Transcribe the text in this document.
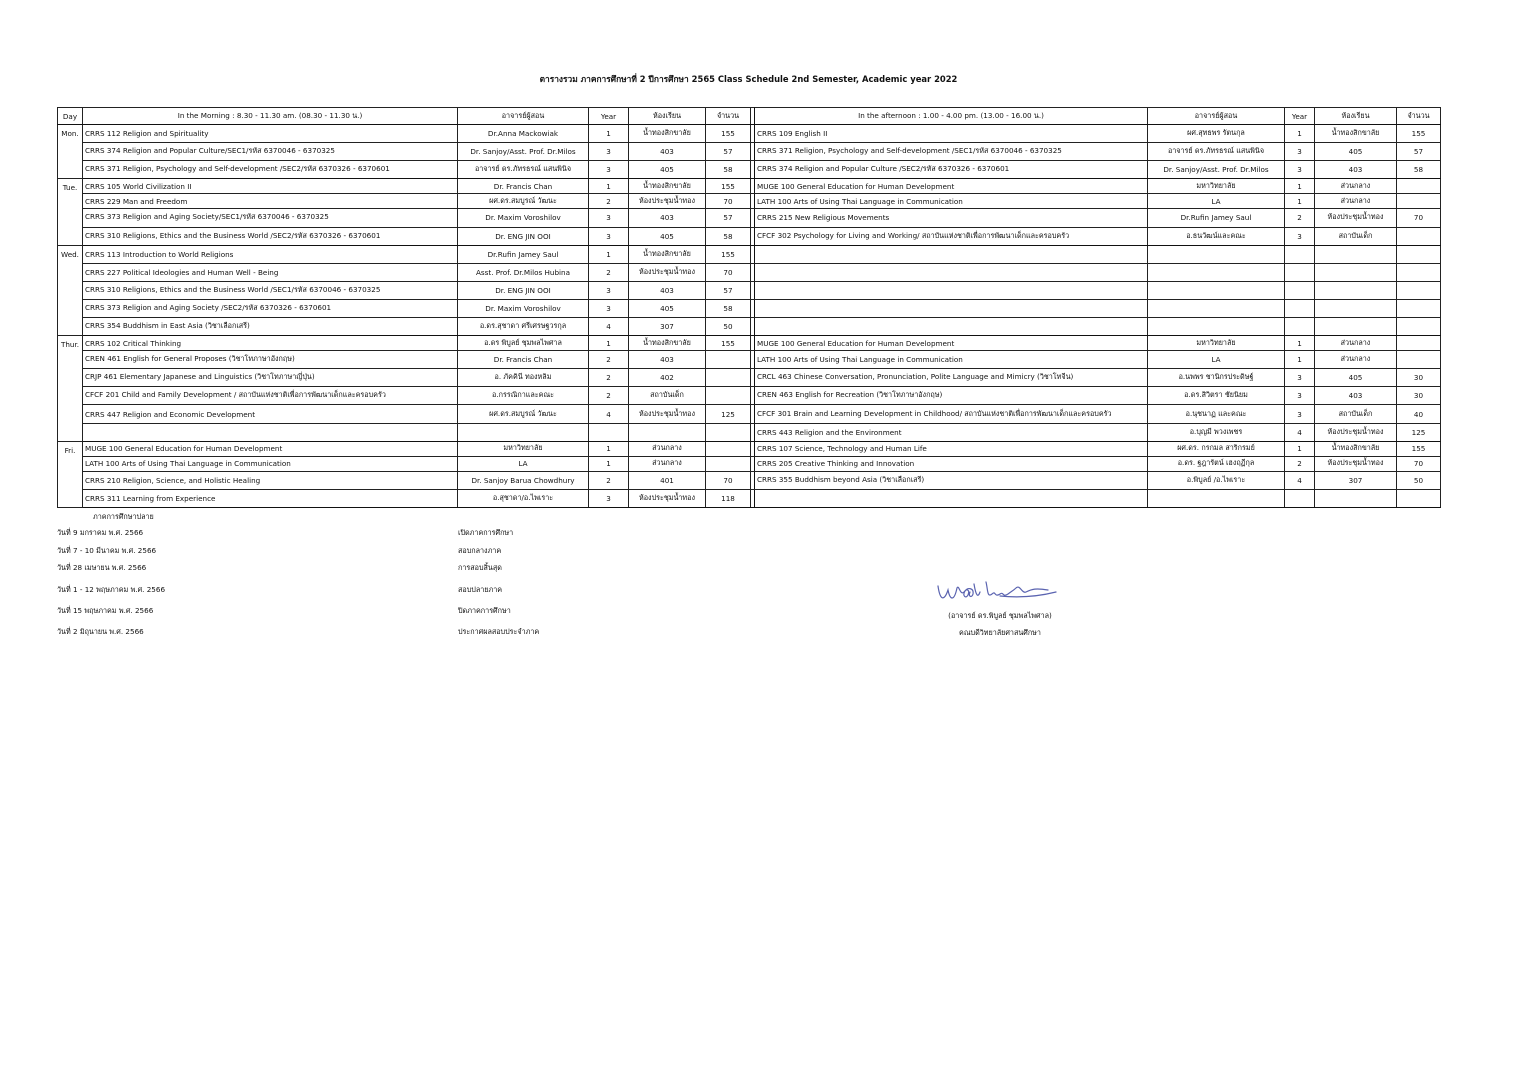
ตารางรวม ภาคการศึกษาที่ 2 ปีการศึกษา 2565 Class Schedule 2nd Semester, Academic year 2022
Day	In the Morning : 8.30 - 11.30 am. (08.30 - 11.30 น.)	อาจารย์ผู้สอน	Year	ห้องเรียน	จำนวน		In the afternoon : 1.00 - 4.00 pm. (13.00 - 16.00 น.)	อาจารย์ผู้สอน	Year	ห้องเรียน	จำนวน
Mon.	CRRS 112 Religion and Spirituality	Dr.Anna Mackowiak	1	น้ำทองสิกขาลัย	155		CRRS 109 English II	ผศ.สุทธพร รัตนกุล	1	น้ำทองสิกขาลัย	155
	CRRS 374 Religion and Popular Culture/SEC1/รหัส 6370046 - 6370325	Dr. Sanjoy/Asst. Prof. Dr.Milos	3	403	57		CRRS 371 Religion, Psychology and Self-development /SEC1/รหัส 6370046 - 6370325	อาจารย์ ดร.ภัทรธรณ์ แสนพินิจ	3	405	57
	CRRS 371 Religion, Psychology and Self-development /SEC2/รหัส 6370326 - 6370601	อาจารย์ ดร.ภัทรธรณ์ แสนพินิจ	3	405	58		CRRS 374 Religion and Popular Culture /SEC2/รหัส 6370326 - 6370601	Dr. Sanjoy/Asst. Prof. Dr.Milos	3	403	58
Tue.	CRRS 105 World Civilization II	Dr. Francis Chan	1	น้ำทองสิกขาลัย	155		MUGE 100 General Education for Human Development	มหาวิทยาลัย	1	ส่วนกลาง	
	CRRS 229 Man and Freedom	ผศ.ดร.สมบูรณ์ วัฒนะ	2	ห้องประชุมน้ำทอง	70		LATH 100 Arts of Using Thai Language in Communication	LA	1	ส่วนกลาง	
	CRRS 373 Religion and Aging Society/SEC1/รหัส 6370046 - 6370325	Dr. Maxim Voroshilov	3	403	57		CRRS 215 New Religious Movements	Dr.Rufin Jamey Saul	2	ห้องประชุมน้ำทอง	70
	CRRS 310 Religions, Ethics and the Business World /SEC2/รหัส 6370326 - 6370601	Dr. ENG JIN OOI	3	405	58		CFCF 302 Psychology for Living and Working/ สถาบันแห่งชาติเพื่อการพัฒนาเด็กและครอบครัว	อ.ธนวัฒน์และคณะ	3	สถาบันเด็ก	
Wed.	CRRS 113 Introduction to World Religions	Dr.Rufin Jamey Saul	1	น้ำทองสิกขาลัย	155						
	CRRS 227 Political Ideologies and Human Well - Being	Asst. Prof. Dr.Milos Hubina	2	ห้องประชุมน้ำทอง	70						
	CRRS 310 Religions, Ethics and the Business World /SEC1/รหัส 6370046 - 6370325	Dr. ENG JIN OOI	3	403	57						
	CRRS 373 Religion and Aging Society /SEC2/รหัส 6370326 - 6370601	Dr. Maxim Voroshilov	3	405	58						
	CRRS 354 Buddhism in East Asia (วิชาเลือกเสรี)	อ.ดร.สุชาดา ศรีเศรษฐวรกุล	4	307	50						
Thur.	CRRS 102 Critical Thinking	อ.ดร พิบูลย์ ชุมพลไพศาล	1	น้ำทองสิกขาลัย	155		MUGE 100 General Education for Human Development	มหาวิทยาลัย	1	ส่วนกลาง	
	CREN 461 English for General Proposes (วิชาโทภาษาอังกฤษ)	Dr. Francis Chan	2	403			LATH 100 Arts of Using Thai Language in Communication	LA	1	ส่วนกลาง	
	CRJP 461 Elementary Japanese and Linguistics (วิชาโทภาษาญี่ปุ่น)	อ. ภัคคินี ทองหลิม	2	402			CRCL 463 Chinese Conversation, Pronunciation, Polite Language and Mimicry (วิชาโทจีน)	อ.นพพร ชานิกรประดิษฐ์	3	405	30
	CFCF 201 Child and Family Development / สถาบันแห่งชาติเพื่อการพัฒนาเด็กและครอบครัว	อ.กรรณิกาและคณะ	2	สถาบันเด็ก			CREN 463 English for Recreation (วิชาโทภาษาอังกฤษ)	อ.ดร.สิวิตรา ชัยนิยม	3	403	30
	CRRS 447 Religion and Economic Development	ผศ.ดร.สมบูรณ์ วัฒนะ	4	ห้องประชุมน้ำทอง	125		CFCF 301 Brain and Learning Development in Childhood/ สถาบันแห่งชาติเพื่อการพัฒนาเด็กและครอบครัว	อ.นุชนาฏ และคณะ	3	สถาบันเด็ก	40
							CRRS 443 Religion and the Environment	อ.บุญมี พวงเพชร	4	ห้องประชุมน้ำทอง	125
Fri.	MUGE 100 General Education for Human Development	มหาวิทยาลัย	1	ส่วนกลาง			CRRS 107 Science, Technology and Human Life	ผศ.ดร. กรกมล สาริกรมย์	1	น้ำทองสิกขาลัย	155
	LATH 100 Arts of Using Thai Language in Communication	LA	1	ส่วนกลาง			CRRS 205 Creative Thinking and Innovation	อ.ดร. ฐฎารัตน์ เฮงฤฏีกุล	2	ห้องประชุมน้ำทอง	70
	CRRS 210 Religion, Science, and Holistic Healing	Dr. Sanjoy Barua Chowdhury	2	401	70		CRRS 355 Buddhism beyond Asia (วิชาเลือกเสรี)	อ.พิบูลย์ /อ.ไพเราะ	4	307	50
	CRRS 311 Learning from Experience	อ.สุชาดา/อ.ไพเราะ	3	ห้องประชุมน้ำทอง	118						
ภาคการศึกษาปลาย
วันที่ 9 มกราคม พ.ศ. 2566	เปิดภาคการศึกษา
วันที่ 7 - 10 มีนาคม พ.ศ. 2566	สอบกลางภาค
วันที่ 28 เมษายน พ.ศ. 2566	การสอบสิ้นสุด
วันที่ 1 - 12 พฤษภาคม พ.ศ. 2566	สอบปลายภาค
วันที่ 15 พฤษภาคม พ.ศ. 2566	ปิดภาคการศึกษา
วันที่ 2 มิถุนายน พ.ศ. 2566	ประกาศผลสอบประจำภาค
(อาจารย์ ดร.พิบูลย์ ชุมพลไพศาล)
คณบดีวิทยาลัยศาสนศึกษา
